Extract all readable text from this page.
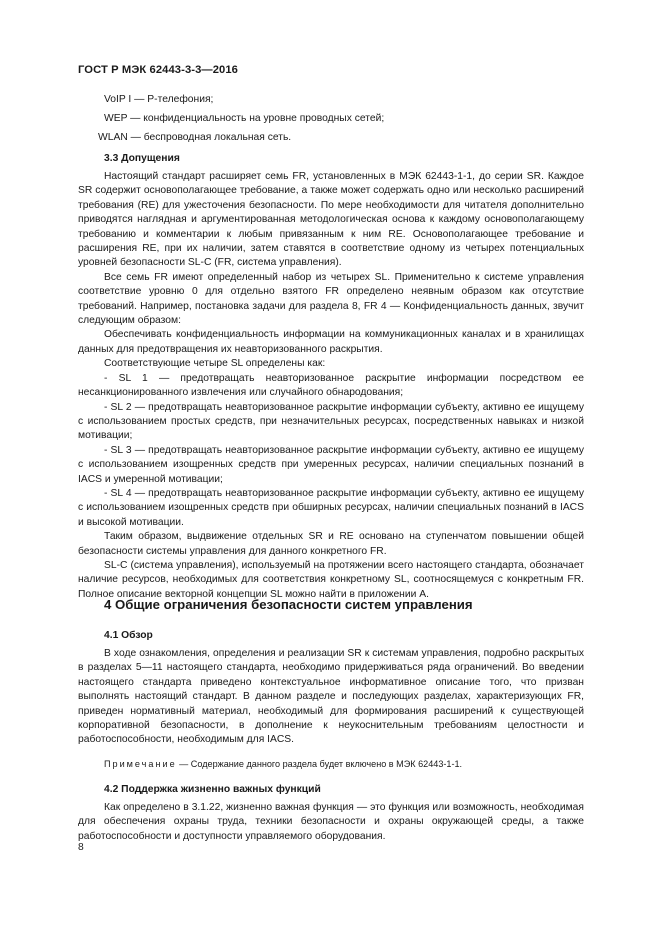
ГОСТ Р МЭК 62443-3-3—2016
VoIP I — P-телефония;
WEP — конфиденциальность на уровне проводных сетей;
WLAN — беспроводная локальная сеть.

3.3 Допущения

Настоящий стандарт расширяет семь FR, установленных в МЭК 62443-1-1, до серии SR. Каждое SR содержит основополагающее требование, а также может содержать одно или несколько расширений требования (RE) для ужесточения безопасности. По мере необходимости для читателя дополнительно приводятся наглядная и аргументированная методологическая основа к каждому основополагающему требованию и комментарии к любым привязанным к ним RE. Основополагающее требование и расширения RE, при их наличии, затем ставятся в соответствие одному из четырех потенциальных уровней безопасности SL-C (FR, система управления).

Все семь FR имеют определенный набор из четырех SL. Применительно к системе управления соответствие уровню 0 для отдельно взятого FR определено неявным образом как отсутствие требований. Например, постановка задачи для раздела 8, FR 4 — Конфиденциальность данных, звучит следующим образом:

Обеспечивать конфиденциальность информации на коммуникационных каналах и в хранилищах данных для предотвращения их неавторизованного раскрытия.

Соответствующие четыре SL определены как:

- SL 1 — предотвращать неавторизованное раскрытие информации посредством ее несанкционированного извлечения или случайного обнародования;

- SL 2 — предотвращать неавторизованное раскрытие информации субъекту, активно ее ищущему с использованием простых средств, при незначительных ресурсах, посредственных навыках и низкой мотивации;

- SL 3 — предотвращать неавторизованное раскрытие информации субъекту, активно ее ищущему с использованием изощренных средств при умеренных ресурсах, наличии специальных познаний в IACS и умеренной мотивации;

- SL 4 — предотвращать неавторизованное раскрытие информации субъекту, активно ее ищущему с использованием изощренных средств при обширных ресурсах, наличии специальных познаний в IACS и высокой мотивации.

Таким образом, выдвижение отдельных SR и RE основано на ступенчатом повышении общей безопасности системы управления для данного конкретного FR.

SL-C (система управления), используемый на протяжении всего настоящего стандарта, обозначает наличие ресурсов, необходимых для соответствия конкретному SL, соотносящемуся с конкретным FR. Полное описание векторной концепции SL можно найти в приложении А.

4 Общие ограничения безопасности систем управления

4.1 Обзор

В ходе ознакомления, определения и реализации SR к системам управления, подробно раскрытых в разделах 5—11 настоящего стандарта, необходимо придерживаться ряда ограничений. Во введении настоящего стандарта приведено контекстуальное информативное описание того, что призван выполнять настоящий стандарт. В данном разделе и последующих разделах, характеризующих FR, приведен нормативный материал, необходимый для формирования расширений к существующей корпоративной безопасности, в дополнение к неукоснительным требованиям целостности и работоспособности, необходимым для IACS.

Примечание — Содержание данного раздела будет включено в МЭК 62443-1-1.

4.2 Поддержка жизненно важных функций

Как определено в 3.1.22, жизненно важная функция — это функция или возможность, необходимая для обеспечения охраны труда, техники безопасности и охраны окружающей среды, а также работоспособности и доступности управляемого оборудования.

8
